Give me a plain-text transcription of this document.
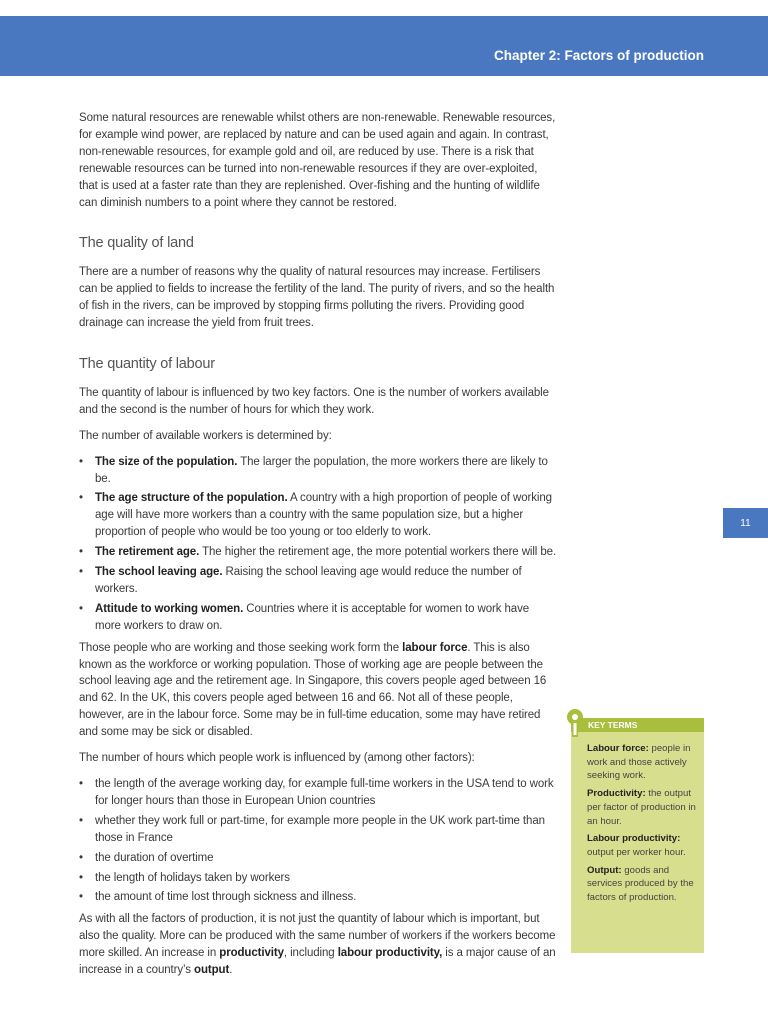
Chapter 2: Factors of production
11

Some natural resources are renewable whilst others are non-renewable. Renewable resources, for example wind power, are replaced by nature and can be used again and again. In contrast, non-renewable resources, for example gold and oil, are reduced by use. There is a risk that renewable resources can be turned into non-renewable resources if they are over-exploited, that is used at a faster rate than they are replenished. Over-fishing and the hunting of wildlife can diminish numbers to a point where they cannot be restored.

The quality of land

There are a number of reasons why the quality of natural resources may increase. Fertilisers can be applied to fields to increase the fertility of the land. The purity of rivers, and so the health of fish in the rivers, can be improved by stopping firms polluting the rivers. Providing good drainage can increase the yield from fruit trees.

The quantity of labour

The quantity of labour is influenced by two key factors. One is the number of workers available and the second is the number of hours for which they work.

The number of available workers is determined by:

• The size of the population. The larger the population, the more workers there are likely to be.
• The age structure of the population. A country with a high proportion of people of working age will have more workers than a country with the same population size, but a higher proportion of people who would be too young or too elderly to work.
• The retirement age. The higher the retirement age, the more potential workers there will be.
• The school leaving age. Raising the school leaving age would reduce the number of workers.
• Attitude to working women. Countries where it is acceptable for women to work have more workers to draw on.

Those people who are working and those seeking work form the labour force. This is also known as the workforce or working population. Those of working age are people between the school leaving age and the retirement age. In Singapore, this covers people aged between 16 and 62. In the UK, this covers people aged between 16 and 66. Not all of these people, however, are in the labour force. Some may be in full-time education, some may have retired and some may be sick or disabled.

The number of hours which people work is influenced by (among other factors):

• the length of the average working day, for example full-time workers in the USA tend to work for longer hours than those in European Union countries
• whether they work full or part-time, for example more people in the UK work part-time than those in France
• the duration of overtime
• the length of holidays taken by workers
• the amount of time lost through sickness and illness.

As with all the factors of production, it is not just the quantity of labour which is important, but also the quality. More can be produced with the same number of workers if the workers become more skilled. An increase in productivity, including labour productivity, is a major cause of an increase in a country’s output.

KEY TERMS
Labour force: people in work and those actively seeking work.
Productivity: the output per factor of production in an hour.
Labour productivity: output per worker hour.
Output: goods and services produced by the factors of production.
